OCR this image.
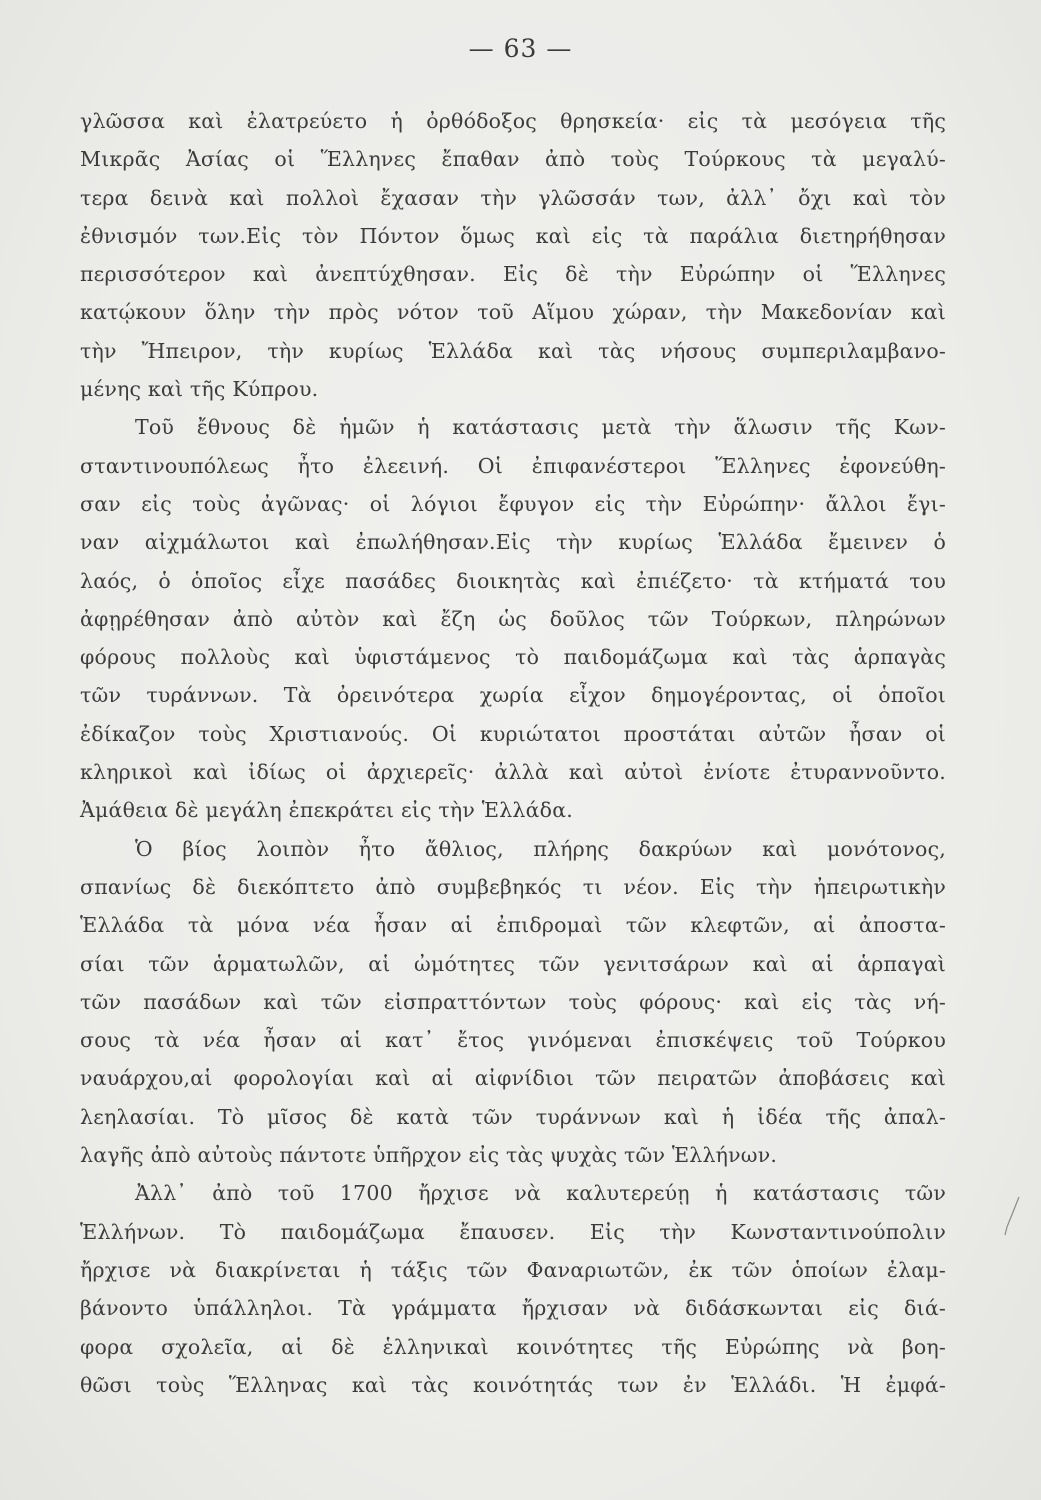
— 63 —
γλῶσσα καὶ ἐλατρεύετο ἡ ὀρθόδοξος θρησκεία· εἰς τὰ μεσόγεια τῆς
Μικρᾶς Ἀσίας οἱ Ἕλληνες ἔπαθαν ἀπὸ τοὺς Τούρκους τὰ μεγαλύ-
τερα δεινὰ καὶ πολλοὶ ἔχασαν τὴν γλῶσσάν των, ἀλλ᾽ ὄχι καὶ τὸν
ἐθνισμόν των.Εἰς τὸν Πόντον ὅμως καὶ εἰς τὰ παράλια διετηρήθησαν
περισσότερον καὶ ἀνεπτύχθησαν. Εἰς δὲ τὴν Εὐρώπην οἱ Ἕλληνες
κατῴκουν ὅλην τὴν πρὸς νότον τοῦ Αἵμου χώραν, τὴν Μακεδονίαν καὶ
τὴν Ἤπειρον, τὴν κυρίως Ἑλλάδα καὶ τὰς νήσους συμπεριλαμβανο-
μένης καὶ τῆς Κύπρου.
Τοῦ ἔθνους δὲ ἡμῶν ἡ κατάστασις μετὰ τὴν ἅλωσιν τῆς Κων-
σταντινουπόλεως ἦτο ἐλεεινή. Οἱ ἐπιφανέστεροι Ἕλληνες ἐφονεύθη-
σαν εἰς τοὺς ἀγῶνας· οἱ λόγιοι ἔφυγον εἰς τὴν Εὐρώπην· ἄλλοι ἔγι-
ναν αἰχμάλωτοι καὶ ἐπωλήθησαν.Εἰς τὴν κυρίως Ἑλλάδα ἔμεινεν ὁ
λαός, ὁ ὁποῖος εἶχε πασάδες διοικητὰς καὶ ἐπιέζετο· τὰ κτήματά του
ἀφῃρέθησαν ἀπὸ αὐτὸν καὶ ἔζη ὡς δοῦλος τῶν Τούρκων, πληρώνων
φόρους πολλοὺς καὶ ὑφιστάμενος τὸ παιδομάζωμα καὶ τὰς ἁρπαγὰς
τῶν τυράννων. Τὰ ὀρεινότερα χωρία εἶχον δημογέροντας, οἱ ὁποῖοι
ἐδίκαζον τοὺς Χριστιανούς. Οἱ κυριώτατοι προστάται αὐτῶν ἦσαν οἱ
κληρικοὶ καὶ ἰδίως οἱ ἀρχιερεῖς· ἀλλὰ καὶ αὐτοὶ ἐνίοτε ἐτυραννοῦντο.
Ἀμάθεια δὲ μεγάλη ἐπεκράτει εἰς τὴν Ἑλλάδα.
Ὁ βίος λοιπὸν ἦτο ἄθλιος, πλήρης δακρύων καὶ μονότονος,
σπανίως δὲ διεκόπτετο ἀπὸ συμβεβηκός τι νέον. Εἰς τὴν ἠπειρωτικὴν
Ἑλλάδα τὰ μόνα νέα ἦσαν αἱ ἐπιδρομαὶ τῶν κλεφτῶν, αἱ ἀποστα-
σίαι τῶν ἁρματωλῶν, αἱ ὠμότητες τῶν γενιτσάρων καὶ αἱ ἁρπαγαὶ
τῶν πασάδων καὶ τῶν εἰσπραττόντων τοὺς φόρους· καὶ εἰς τὰς νή-
σους τὰ νέα ἦσαν αἱ κατ᾽ ἔτος γινόμεναι ἐπισκέψεις τοῦ Τούρκου
ναυάρχου,αἱ φορολογίαι καὶ αἱ αἰφνίδιοι τῶν πειρατῶν ἀποβάσεις καὶ
λεηλασίαι. Τὸ μῖσος δὲ κατὰ τῶν τυράννων καὶ ἡ ἰδέα τῆς ἀπαλ-
λαγῆς ἀπὸ αὐτοὺς πάντοτε ὑπῆρχον εἰς τὰς ψυχὰς τῶν Ἑλλήνων.
Ἀλλ᾽ ἀπὸ τοῦ 1700 ἤρχισε νὰ καλυτερεύῃ ἡ κατάστασις τῶν
Ἑλλήνων. Τὸ παιδομάζωμα ἔπαυσεν. Εἰς τὴν Κωνσταντινούπολιν
ἤρχισε νὰ διακρίνεται ἡ τάξις τῶν Φαναριωτῶν, ἐκ τῶν ὁποίων ἐλαμ-
βάνοντο ὑπάλληλοι. Τὰ γράμματα ἤρχισαν νὰ διδάσκωνται εἰς διά-
φορα σχολεῖα, αἱ δὲ ἑλληνικαὶ κοινότητες τῆς Εὐρώπης νὰ βοη-
θῶσι τοὺς Ἕλληνας καὶ τὰς κοινότητάς των ἐν Ἑλλάδι. Ἡ ἐμφά-
